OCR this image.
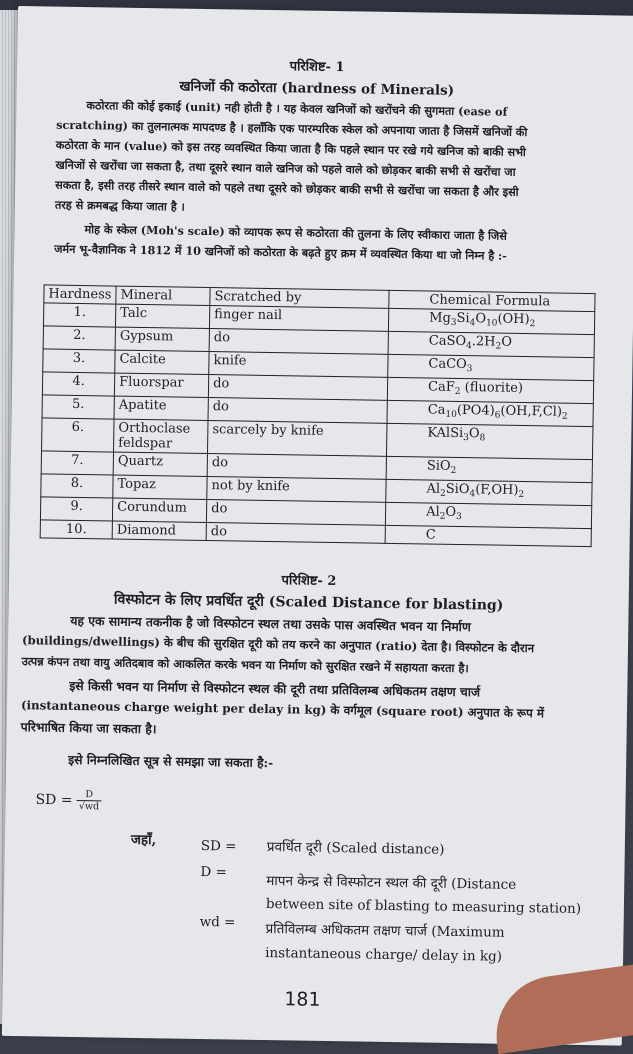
परिशिष्ट- 1
खनिजों की कठोरता (hardness of Minerals)
कठोरता की कोई इकाई (unit) नही होती है । यह केवल खनिजों को खरोंचने की सुगमता (ease of
scratching) का तुलनात्मक मापदण्ड है । हलाँकि एक पारम्परिक स्केल को अपनाया जाता है जिसमें खनिजों की
कठोरता के मान (value) को इस तरह व्यवस्थित किया जाता है कि पहले स्थान पर रखे गये खनिज को बाकी सभी
खनिजों से खरोंचा जा सकता है, तथा दूसरे स्थान वाले खनिज को पहले वाले को छोड़कर बाकी सभी से खरोंचा जा
सकता है, इसी तरह तीसरे स्थान वाले को पहले तथा दूसरे को छोड़कर बाकी सभी से खरोंचा जा सकता है और इसी
तरह से क्रमबद्ध किया जाता है ।
मोह के स्केल (Moh's scale) को व्यापक रूप से कठोरता की तुलना के लिए स्वीकारा जाता है जिसे
जर्मन भू-वैज्ञानिक ने 1812 में 10 खनिजों को कठोरता के बढ़ते हुए क्रम में व्यवस्थित किया था जो निम्न है :-
Hardness	Mineral	Scratched by	Chemical Formula
1.	Talc	finger nail	$Mg_3Si_4O_{10}(OH)_2$
2.	Gypsum	do	$CaSO_4.2H_2O$
3.	Calcite	knife	CaCO$_3$
4.	Fluorspar	do	CaF$_2$ (fluorite)
5.	Apatite	do	$Ca_{10}(PO4)_6(OH,F,Cl)_2$
6.	Orthoclase
feldspar	scarcely by knife	$KAlSi_3O_8$
7.	Quartz	do	SiO$_2$
8.	Topaz	not by knife	$Al_2SiO_4(F,OH)_2$
9.	Corundum	do	$Al_2O_3$
10.	Diamond	do	C
परिशिष्ट- 2
विस्फोटन के लिए प्रवर्धित दूरी (Scaled Distance for blasting)
यह एक सामान्य तकनीक है जो विस्फोटन स्थल तथा उसके पास अवस्थित भवन या निर्माण
(buildings/dwellings) के बीच की सुरक्षित दूरी को तय करने का अनुपात (ratio) देता है। विस्फोटन के दौरान
उत्पन्न कंपन तथा वायु अतिदबाव को आकलित करके भवन या निर्माण को सुरक्षित रखने में सहायता करता है।
इसे किसी भवन या निर्माण से विस्फोटन स्थल की दूरी तथा प्रतिविलम्ब अधिकतम तक्षण चार्ज
(instantaneous charge weight per delay in kg) के वर्गमूल (square root) अनुपात के रूप में
परिभाषित किया जा सकता है।
इसे निम्नलिखित सूत्र से समझा जा सकता है:-
SD = $\frac{D}{√wd}$
जहाँ,	SD = प्रवर्धित दूरी (Scaled distance)
D =
मापन केन्द्र से विस्फोटन स्थल की दूरी (Distance
between site of blasting to measuring station)
wd = प्रतिविलम्ब अधिकतम तक्षण चार्ज (Maximum
instantaneous charge/ delay in kg)
181
